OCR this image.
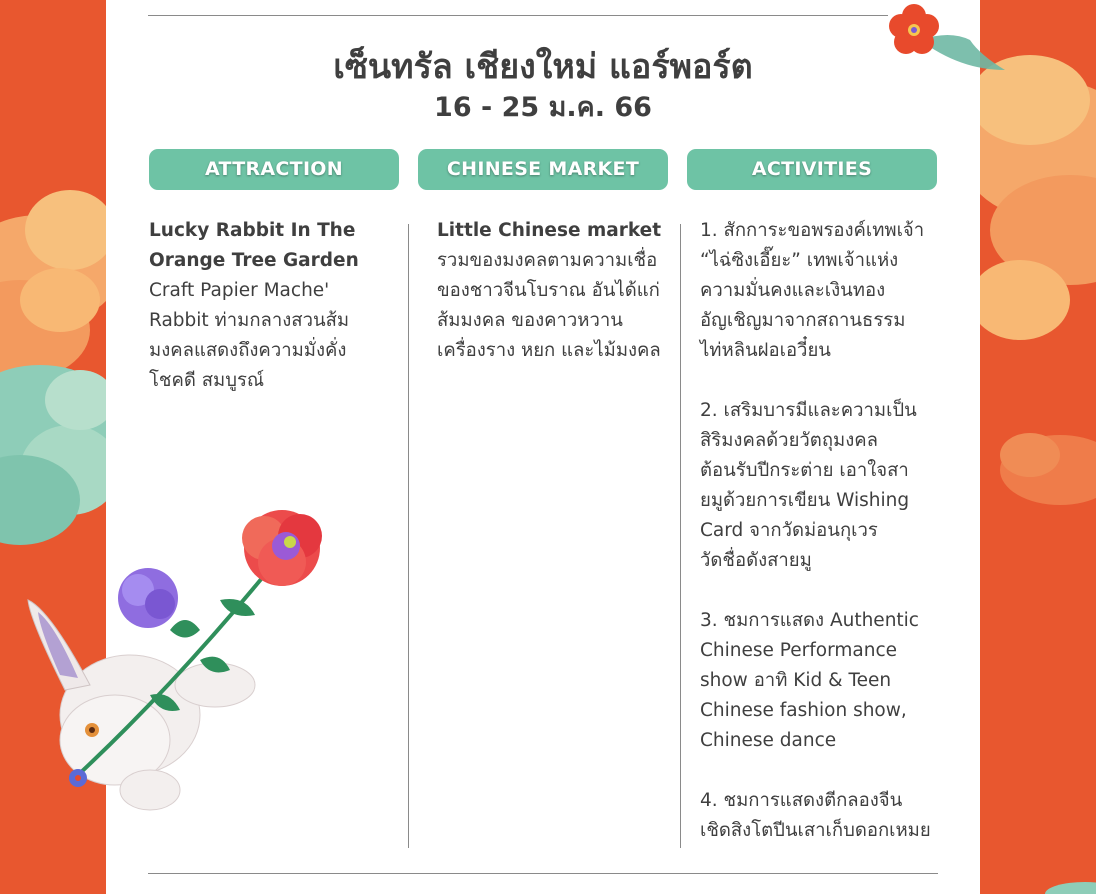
เซ็นทรัล เชียงใหม่ แอร์พอร์ต
16 - 25 ม.ค. 66
ATTRACTION	CHINESE MARKET	ACTIVITIES
Lucky Rabbit In The
Orange Tree Garden
Craft Papier Mache'
Rabbit ท่ามกลางสวนส้ม
มงคลแสดงถึงความมั่งคั่ง
โชคดี สมบูรณ์
Little Chinese market
รวมของมงคลตามความเชื่อ
ของชาวจีนโบราณ อันได้แก่
ส้มมงคล ของคาวหวาน
เครื่องราง หยก และไม้มงคล
1. สักการะขอพรองค์เทพเจ้า
“ไฉ่ซิงเอี๊ยะ” เทพเจ้าแห่ง
ความมั่นคงและเงินทอง
อัญเชิญมาจากสถานธรรม
ไท่หลินฝอเอวี๋ยน
2. เสริมบารมีและความเป็น
สิริมงคลด้วยวัตถุมงคล
ต้อนรับปีกระต่าย เอาใจสา
ยมูด้วยการเขียน Wishing
Card จากวัดม่อนกุเวร
วัดชื่อดังสายมู
3. ชมการแสดง Authentic
Chinese Performance
show อาทิ Kid & Teen
Chinese fashion show,
Chinese dance
4. ชมการแสดงตีกลองจีน
เชิดสิงโตปีนเสาเก็บดอกเหมย
